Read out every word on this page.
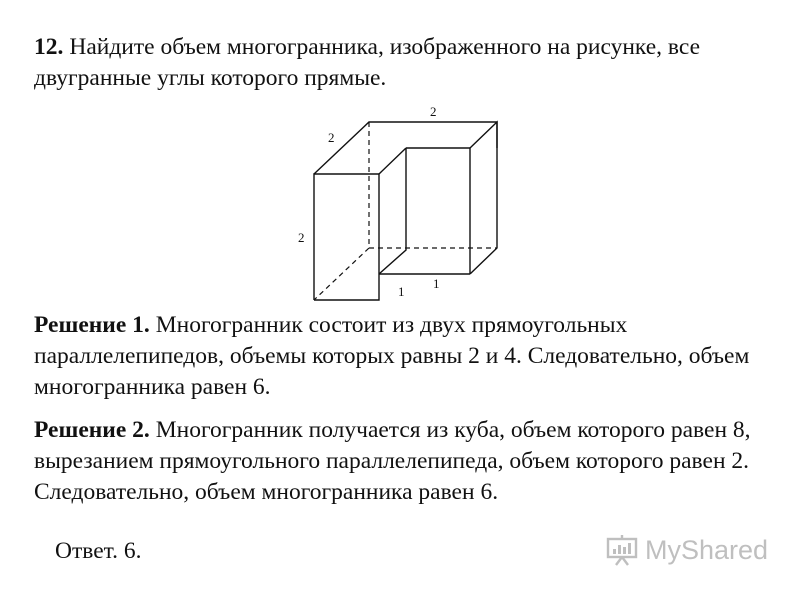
12. Найдите объем многогранника, изображенного на рисунке, все двугранные углы которого прямые.
2
2
2
1
1
Решение 1. Многогранник состоит из двух прямоугольных параллелепипедов, объемы которых равны 2 и 4. Следовательно, объем многогранника равен 6.
Решение 2. Многогранник получается из куба, объем которого равен 8, вырезанием прямоугольного параллелепипеда, объем которого равен 2. Следовательно, объем многогранника равен 6.
Ответ. 6.	MyShared
